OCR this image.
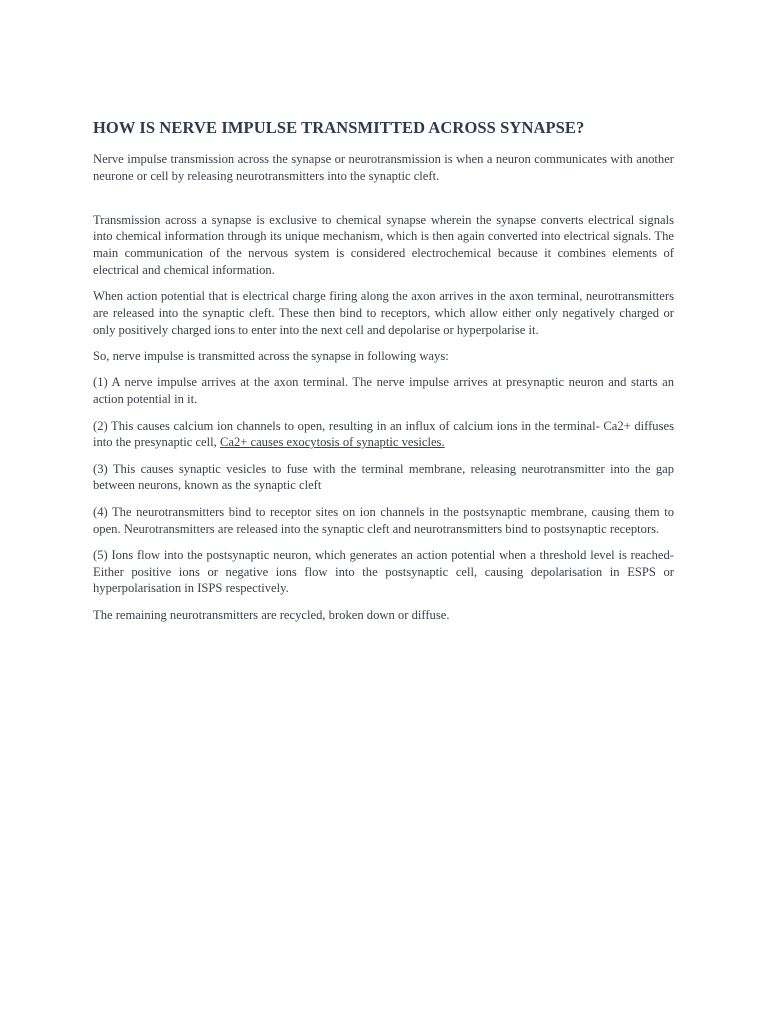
HOW IS NERVE IMPULSE TRANSMITTED ACROSS SYNAPSE?

Nerve impulse transmission across the synapse or neurotransmission is when a neuron communicates with another neurone or cell by releasing neurotransmitters into the synaptic cleft.

Transmission across a synapse is exclusive to chemical synapse wherein the synapse converts electrical signals into chemical information through its unique mechanism, which is then again converted into electrical signals. The main communication of the nervous system is considered electrochemical because it combines elements of electrical and chemical information.

When action potential that is electrical charge firing along the axon arrives in the axon terminal, neurotransmitters are released into the synaptic cleft. These then bind to receptors, which allow either only negatively charged or only positively charged ions to enter into the next cell and depolarise or hyperpolarise it.

So, nerve impulse is transmitted across the synapse in following ways:

(1) A nerve impulse arrives at the axon terminal. The nerve impulse arrives at presynaptic neuron and starts an action potential in it.

(2) This causes calcium ion channels to open, resulting in an influx of calcium ions in the terminal- Ca2+ diffuses into the presynaptic cell, Ca2+ causes exocytosis of synaptic vesicles.

(3) This causes synaptic vesicles to fuse with the terminal membrane, releasing neurotransmitter into the gap between neurons, known as the synaptic cleft

(4) The neurotransmitters bind to receptor sites on ion channels in the postsynaptic membrane, causing them to open. Neurotransmitters are released into the synaptic cleft and neurotransmitters bind to postsynaptic receptors.

(5) Ions flow into the postsynaptic neuron, which generates an action potential when a threshold level is reached- Either positive ions or negative ions flow into the postsynaptic cell, causing depolarisation in ESPS or hyperpolarisation in ISPS respectively.

The remaining neurotransmitters are recycled, broken down or diffuse.
